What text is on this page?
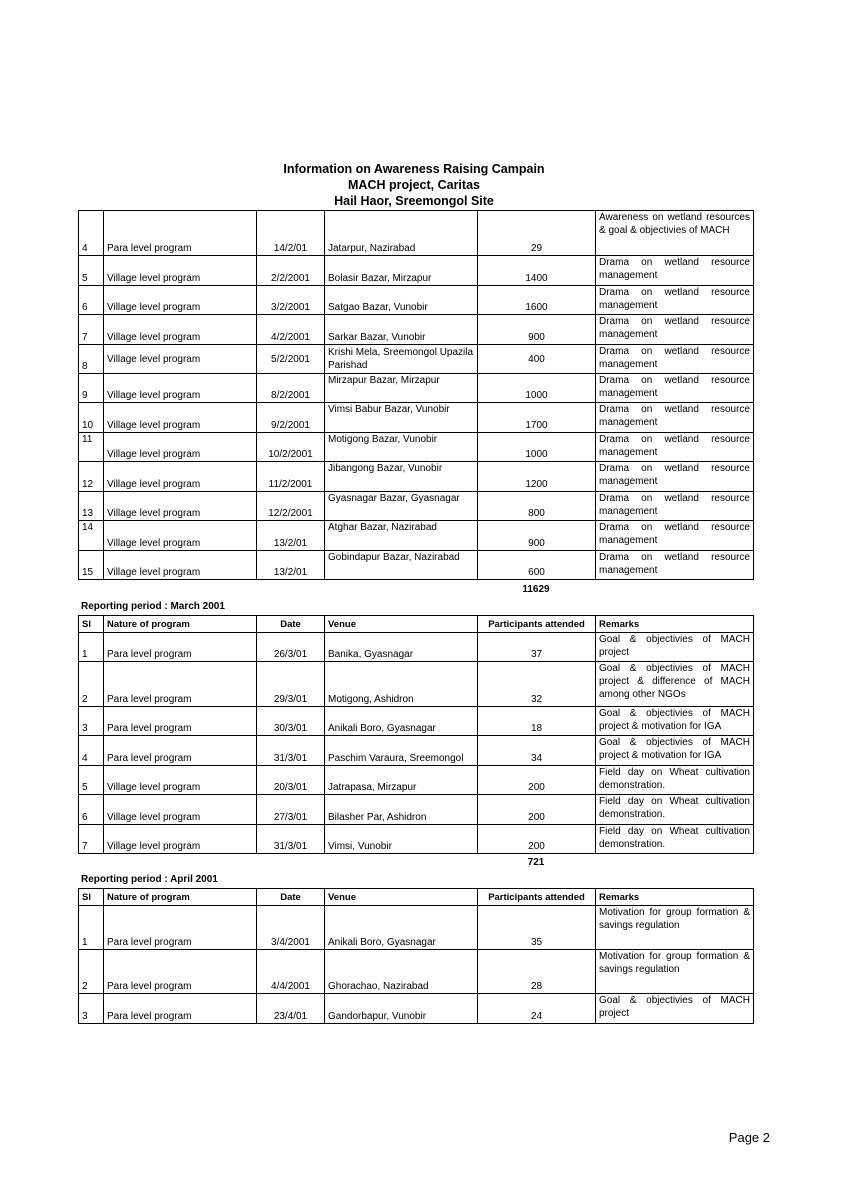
Information on Awareness Raising Campain
MACH project, Caritas
Hail Haor, Sreemongol Site
4	Para level program	14/2/01	Jatarpur, Nazirabad	29	Awareness on wetland resources & goal & objectivies of MACH
5	Village level program	2/2/2001	Bolasir Bazar, Mirzapur	1400	Drama on wetland resource management
6	Village level program	3/2/2001	Satgao Bazar, Vunobir	1600	Drama on wetland resource management
7	Village level program	4/2/2001	Sarkar Bazar, Vunobir	900	Drama on wetland resource management
8	Village level program	5/2/2001	Krishi Mela, Sreemongol Upazila Parishad	400	Drama on wetland resource management
9	Village level program	8/2/2001	Mirzapur Bazar, Mirzapur	1000	Drama on wetland resource management
10	Village level program	9/2/2001	Vimsi Babur Bazar, Vunobir	1700	Drama on wetland resource management
11	Village level program	10/2/2001	Motigong Bazar, Vunobir	1000	Drama on wetland resource management
12	Village level program	11/2/2001	Jibangong Bazar, Vunobir	1200	Drama on wetland resource management
13	Village level program	12/2/2001	Gyasnagar Bazar, Gyasnagar	800	Drama on wetland resource management
14	Village level program	13/2/01	Atghar Bazar, Nazirabad	900	Drama on wetland resource management
15	Village level program	13/2/01	Gobindapur Bazar, Nazirabad	600	Drama on wetland resource management
11629
Reporting period : March 2001
Sl	Nature of program	Date	Venue	Participants attended	Remarks
1	Para level program	26/3/01	Banika, Gyasnagar	37	Goal & objectivies of MACH project
2	Para level program	29/3/01	Motigong, Ashidron	32	Goal & objectivies of MACH project & difference of MACH among other NGOs
3	Para level program	30/3/01	Anikali Boro, Gyasnagar	18	Goal & objectivies of MACH project & motivation for IGA
4	Para level program	31/3/01	Paschim Varaura, Sreemongol	34	Goal & objectivies of MACH project & motivation for IGA
5	Village level program	20/3/01	Jatrapasa, Mirzapur	200	Field day on Wheat cultivation demonstration.
6	Village level program	27/3/01	Bilasher Par, Ashidron	200	Field day on Wheat cultivation demonstration.
7	Village level program	31/3/01	Vimsi, Vunobir	200	Field day on Wheat cultivation demonstration.
721
Reporting period : April 2001
Sl	Nature of program	Date	Venue	Participants attended	Remarks
1	Para level program	3/4/2001	Anikali Boro, Gyasnagar	35	Motivation for group formation & savings regulation
2	Para level program	4/4/2001	Ghorachao, Nazirabad	28	Motivation for group formation & savings regulation
3	Para level program	23/4/01	Gandorbapur, Vunobir	24	Goal & objectivies of MACH project
Page 2
